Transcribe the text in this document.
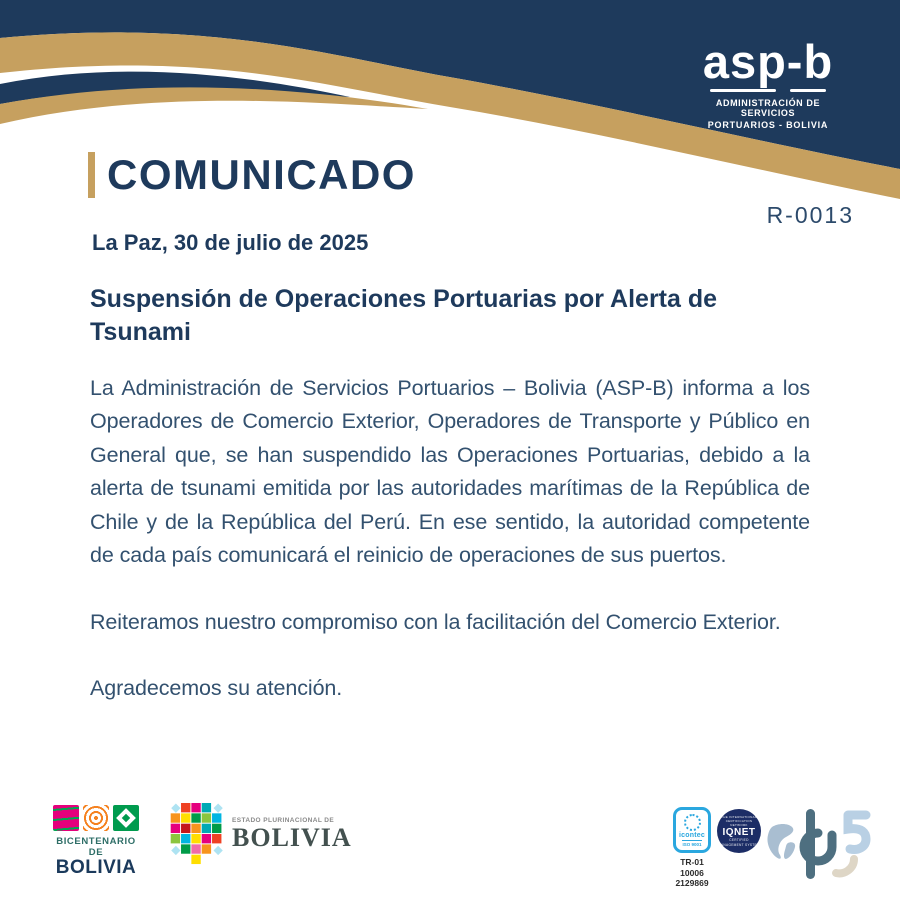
asp-b
ADMINISTRACIÓN DE SERVICIOS
PORTUARIOS - BOLIVIA
COMUNICADO
R-0013
La Paz, 30 de julio de 2025
Suspensión de Operaciones Portuarias por Alerta de Tsunami

La Administración de Servicios Portuarios – Bolivia (ASP-B) informa a los Operadores de Comercio Exterior, Operadores de Transporte y Público en General que, se han suspendido las Operaciones Portuarias, debido a la alerta de tsunami emitida por las autoridades marítimas de la República de Chile y de la República del Perú. En ese sentido, la autoridad competente de cada país comunicará el reinicio de operaciones de sus puertos.

Reiteramos nuestro compromiso con la facilitación del Comercio Exterior.

Agradecemos su atención.

BICENTENARIO DE
BOLIVIA
ESTADO PLURINACIONAL DE
BOLIVIA	icontec
ISO 9001
TR-01 10006
2129869
THE INTERNATIONAL CERTIFICATION NETWORK
IQNET
CERTIFIED
MANAGEMENT SYSTEM
